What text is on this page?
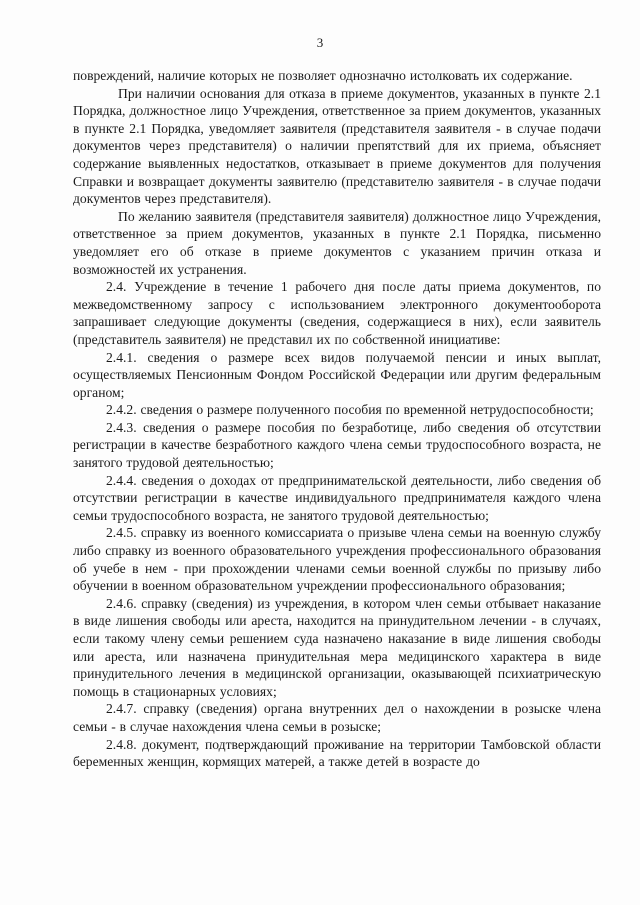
3

повреждений, наличие которых не позволяет однозначно истолковать их содержание.

При наличии основания для отказа в приеме документов, указанных в пункте 2.1 Порядка, должностное лицо Учреждения, ответственное за прием документов, указанных в пункте 2.1 Порядка, уведомляет заявителя (представителя заявителя - в случае подачи документов через представителя) о наличии препятствий для их приема, объясняет содержание выявленных недостатков, отказывает в приеме документов для получения Справки и возвращает документы заявителю (представителю заявителя - в случае подачи документов через представителя).

По желанию заявителя (представителя заявителя) должностное лицо Учреждения, ответственное за прием документов, указанных в пункте 2.1 Порядка, письменно уведомляет его об отказе в приеме документов с указанием причин отказа и возможностей их устранения.

2.4. Учреждение в течение 1 рабочего дня после даты приема документов, по межведомственному запросу с использованием электронного документооборота запрашивает следующие документы (сведения, содержащиеся в них), если заявитель (представитель заявителя) не представил их по собственной инициативе:

2.4.1. сведения о размере всех видов получаемой пенсии и иных выплат, осуществляемых Пенсионным Фондом Российской Федерации или другим федеральным органом;

2.4.2. сведения о размере полученного пособия по временной нетрудоспособности;

2.4.3. сведения о размере пособия по безработице, либо сведения об отсутствии регистрации в качестве безработного каждого члена семьи трудоспособного возраста, не занятого трудовой деятельностью;

2.4.4. сведения о доходах от предпринимательской деятельности, либо сведения об отсутствии регистрации в качестве индивидуального предпринимателя каждого члена семьи трудоспособного возраста, не занятого трудовой деятельностью;

2.4.5. справку из военного комиссариата о призыве члена семьи на военную службу либо справку из военного образовательного учреждения профессионального образования об учебе в нем - при прохождении членами семьи военной службы по призыву либо обучении в военном образовательном учреждении профессионального образования;

2.4.6. справку (сведения) из учреждения, в котором член семьи отбывает наказание в виде лишения свободы или ареста, находится на принудительном лечении - в случаях, если такому члену семьи решением суда назначено наказание в виде лишения свободы или ареста, или назначена принудительная мера медицинского характера в виде принудительного лечения в медицинской организации, оказывающей психиатрическую помощь в стационарных условиях;

2.4.7. справку (сведения) органа внутренних дел о нахождении в розыске члена семьи - в случае нахождения члена семьи в розыске;

2.4.8. документ, подтверждающий проживание на территории Тамбовской области беременных женщин, кормящих матерей, а также детей в возрасте до
